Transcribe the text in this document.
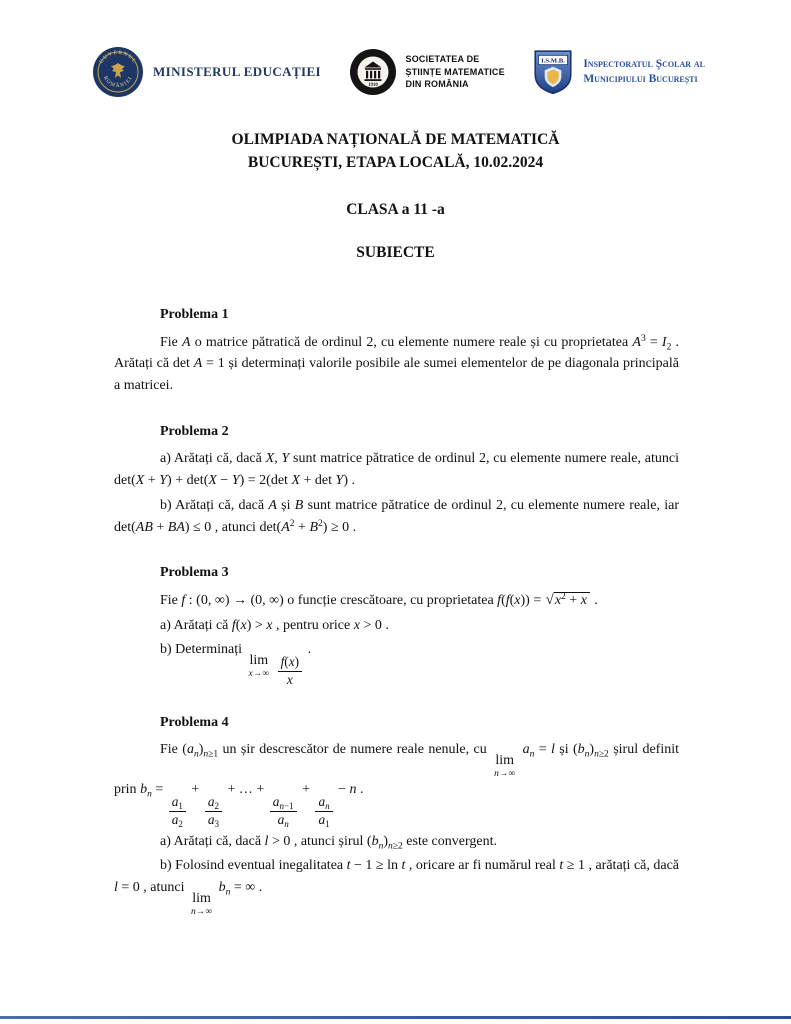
GUVERNUL
ROMÂNIEI MINISTERUL EDUCAȚIEI
1910
SOCIETATEA DE
ȘTIINȚE MATEMATICE
DIN ROMÂNIA
I.S.M.B. Inspectoratul Școlar al
Municipiului București
OLIMPIADA NAȚIONALĂ DE MATEMATICĂ
BUCUREȘTI, ETAPA LOCALĂ, 10.02.2024
CLASA a 11 -a
SUBIECTE
Problema 1

Fie A o matrice pătratică de ordinul 2, cu elemente numere reale și cu proprietatea $A^3 = I_2$ . Arătați că det A = 1 și determinați valorile posibile ale sumei elementelor de pe diagonala principală a matricei.

Problema 2

a) Arătați că, dacă X, Y sunt matrice pătratice de ordinul 2, cu elemente numere reale, atunci det(X + Y) + det(X − Y) = 2(det X + det Y) .

b) Arătați că, dacă A și B sunt matrice pătratice de ordinul 2, cu elemente numere reale, iar det(AB + BA) ≤ 0 , atunci $\det(A^2 + B^2) \ge 0$ .

Problema 3

Fie f : (0, ∞) → (0, ∞) o funcție crescătoare, cu proprietatea f(f(x)) = √ $x^2 + x$ .

a) Arătați că f(x) > x , pentru orice x > 0 .

b) Determinați
lim
x→∞
$\frac{f(x)}{x}$
.

Problema 4

Fie $(a_n)_{n\ge 1}$ un șir descrescător de numere reale nenule, cu
lim
n→∞
$a_n = l$ și $(b_n)_{n\ge 2}$ șirul definit prin $b_n$ =
$\frac{a_1}{a_2}$
+
$\frac{a_2}{a_3}$
+ … +
$\frac{a_{n-1}}{a_n}$
+
$\frac{a_n}{a_1}$
− n .

a) Arătați că, dacă l > 0 , atunci șirul $(b_n)_{n\ge 2}$ este convergent.

b) Folosind eventual inegalitatea t − 1 ≥ ln t , oricare ar fi numărul real t ≥ 1 , arătați că, dacă l = 0 , atunci
lim
n→∞
$b_n$ = ∞ .
